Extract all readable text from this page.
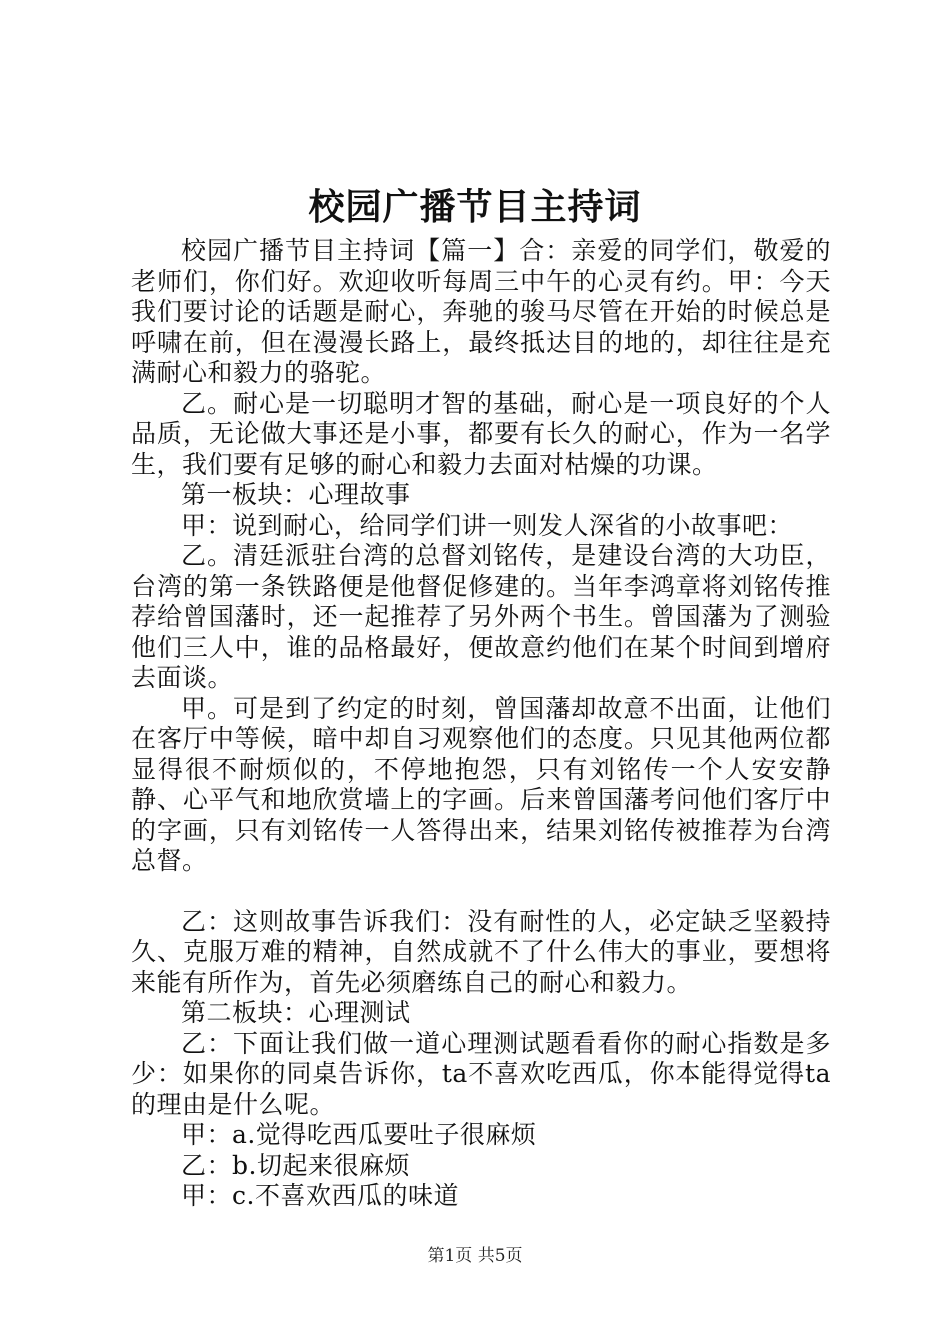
校园广播节目主持词

校园广播节目主持词【篇一】合：亲爱的同学们，敬爱的老师们，你们好。欢迎收听每周三中午的心灵有约。甲：今天我们要讨论的话题是耐心，奔驰的骏马尽管在开始的时候总是呼啸在前，但在漫漫长路上，最终抵达目的地的，却往往是充满耐心和毅力的骆驼。

乙。耐心是一切聪明才智的基础，耐心是一项良好的个人品质，无论做大事还是小事，都要有长久的耐心，作为一名学生，我们要有足够的耐心和毅力去面对枯燥的功课。

第一板块：心理故事

甲：说到耐心，给同学们讲一则发人深省的小故事吧：

乙。清廷派驻台湾的总督刘铭传，是建设台湾的大功臣，台湾的第一条铁路便是他督促修建的。当年李鸿章将刘铭传推荐给曾国藩时，还一起推荐了另外两个书生。曾国藩为了测验他们三人中，谁的品格最好，便故意约他们在某个时间到增府去面谈。

甲。可是到了约定的时刻，曾国藩却故意不出面，让他们在客厅中等候，暗中却自习观察他们的态度。只见其他两位都显得很不耐烦似的，不停地抱怨，只有刘铭传一个人安安静静、心平气和地欣赏墙上的字画。后来曾国藩考问他们客厅中的字画，只有刘铭传一人答得出来，结果刘铭传被推荐为台湾总督。

乙：这则故事告诉我们：没有耐性的人，必定缺乏坚毅持久、克服万难的精神，自然成就不了什么伟大的事业，要想将来能有所作为，首先必须磨练自己的耐心和毅力。

第二板块：心理测试

乙：下面让我们做一道心理测试题看看你的耐心指数是多少：如果你的同桌告诉你，ta不喜欢吃西瓜，你本能得觉得ta的理由是什么呢。

甲：a.觉得吃西瓜要吐子很麻烦

乙：b.切起来很麻烦

甲：c.不喜欢西瓜的味道

第1页 共5页
